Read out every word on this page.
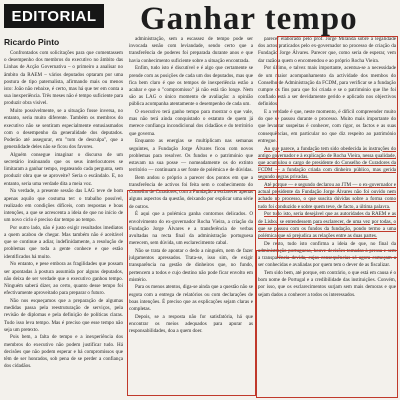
EDITORIAL Ganhar tempo
Ricardo Pinto

Confrontados com solicitações para que comentassem o desempenho dos membros do executivo no âmbito das Linhas de Acção Governativa – o primeiro a analisar no âmbito da RAEM – vários deputados optaram por uma postura de tipo paternalista, afirmando mais ou menos isto: João não rebaixe, é certo, mas há que ter em conta a sua inexperiência. Três meses não é tempo suficiente para produzir obra visível.

Muito possivelmente, se a situação fosse inversa, no entanto, seria muito diferente. Também os membros do executivo não se sentiram especialmente entusiasmados com o desempenho da generalidade dos deputados. Poderão até assegurar, em "tom de desculpa", que a generalidade deles não se ficou dos favores.

Alguém consegue imaginar o discurso de um secretário insinuando que os seus interlocutores se limitaram a ganhar tempo, regateando cada pergunta, sem produzir obra que se aproveite? Seria o escândalo. E, no entanto, seria uma verdade dita a meia voz.

Na verdade, a presente sessão das LAG teve de bom apenas aquilo que costuma ter: o trabalho possível, realizado em condições difíceis, com respostas e boas intenções, a que se acrescenta a ideia de que no início de um novo ciclo é preciso dar tempo ao tempo.

Por outro lado, não é justo exigir resultados imediatos a quem acabou de chegar. Mas também não é aceitável que se continue a adiar, indefinidamente, a resolução de problemas que toda a gente conhece e que estão identificados há muito.

No entanto, e pese embora as fragilidades que possam ser apontadas à postura assumida por alguns deputados, não deixa de ser verdade que o executivo ganhou tempo. Ninguém saberá dizer, ao certo, quanto desse tempo foi efectivamente aproveitado para preparar o futuro.

Não nos esqueçamos que a preparação de algumas medidas passa pela reestruturação de serviços, pela revisão de diplomas e pela definição de políticas claras. Tudo isso leva tempo. Mas é preciso que esse tempo não seja um pretexto.

Pois bem, a falta de tempo e a inexperiência dos membros do executivo não podem justificar tudo. Há decisões que não podem esperar e há compromissos que têm de ser honrados, sob pena de se perder a confiança dos cidadãos.

administração, sem a escassez de tempo pode ser invocada senão com leviandade, sendo certo que a transferência de poderes foi preparada durante anos e que havia conhecimento suficiente sobre a situação encontrada.

Enfim, tudo isto é discutível e é algo que certamente se prende com as posições de cada um dos deputados, mas que fica bem claro é que os tempos de inexperiência estão a acabar e que o "compromisso" já não está tão longe. Nem são as LAG o único momento de avaliação: a opinião pública acompanha atentamente o desempenho de cada um.

O executivo terá ganho tempo para mostrar o que vale, mas não terá ainda conquistado o estatuto de quem já merece confiança incondicional dos cidadãos e do território que governa.

Enquanto as energias se multiplicam nas semanas seguintes, a Fundação Jorge Álvares ficou com novos problemas para resolver. Os fundos e o património que estavam na sua posse — nomeadamente os do extinto território — continuam a ser fonte de polémica e de dúvidas.

Bem andou o próprio a parecer dos pontos em que a transferência de activos foi feita sem o conhecimento do Conselho de Curadores, com a Fundação a esclarecer apenas alguns aspectos da questão, deixando por explicar uma série de outros.

É aqui que a polémica ganha contornos delicados. O envolvimento do ex-governador Rocha Vieira, a criação da Fundação Jorge Álvares e a transferência de verbas avultadas na recta final da administração portuguesa merecem, sem dúvida, um esclarecimento cabal.

Não se trata de apontar o dedo a ninguém, nem de fazer julgamentos apressados. Trata-se, isso sim, de exigir transparência na gestão de dinheiros que, no fundo, pertencem a todos e cujo destino não pode ficar envolto em mistério.

Para os menos atentos, diga-se ainda que a questão não se esgota com a entrega de relatórios ou com declarações de boas intenções. É preciso que as explicações sejam claras e completas.

Depois, se a resposta não for satisfatória, há que encontrar os meios adequados para apurar as responsabilidades, doa a quem doer.

parecer elaborado pelo prof. Jorge Miranda sobre a legalidade dos actos praticados pelo ex-governador no processo de criação da Fundação Jorge Álvares. Parecer que, como seria de esperar, vem dar razão a quem o encomendou e ao próprio Rocha Vieira.

Por último, e talvez mais importante, acentua-se a necessidade de um maior acompanhamento da actividade dos membos do Conselho de Administração da FCDM, para verificar se a fundação cumpre os fins para que foi criada e se o património que lhe foi confiado está a ser devidamente gerido e aplicado nos objectivos definidos.

E a verdade é que, neste momento, é difícil compreender muito do que se passou durante o processo. Muito mais importante do que levantar suspeitas é conhecer, com rigor, os factos e as suas consequências, em particular no que diz respeito ao património entregue.

Ao que parece, a fundação tem sido obedecida às instruções do antigo governador e à explicação de Rocha Vieira, nessa qualidade, que acumulou o cargo de presidente do Conselho de Curadores da FCDM — a fundação criada com dinheiro público, mas gerida segundo regras privadas.

Até porque — e segundo declarou ao JTM — o ex-governador e actual presidente da Fundação Jorge Álvares não foi ouvido nem achado no processo, o que suscita dúvidas sobre a forma como tudo foi conduzido e sobre quem teve, de facto, a última palavra.

Por tudo isto, seria desejável que as autoridades da RAEM e as de Lisboa se entendessem para esclarecer, de uma vez por todas, o que se passou com os fundos da fundação, pondo termo a uma polémica que só prejudica as relações entre as duas partes.

De resto, tudo isto confirma a ideia de que, no final da administração portuguesa, houve decisões tomadas à pressa e sem a transparência devida, cujas consequências só agora começam a ser conhecidas e avaliadas por quem tem o dever de as fiscalizar.

Tem sido bem, até porque, em contrário, o que está em causa é o bom nome de Portugal e a credibilidade das instituições. Convém, por isso, que os esclarecimentos surjam sem mais demoras e que sejam dados a conhecer a todos os interessados.
